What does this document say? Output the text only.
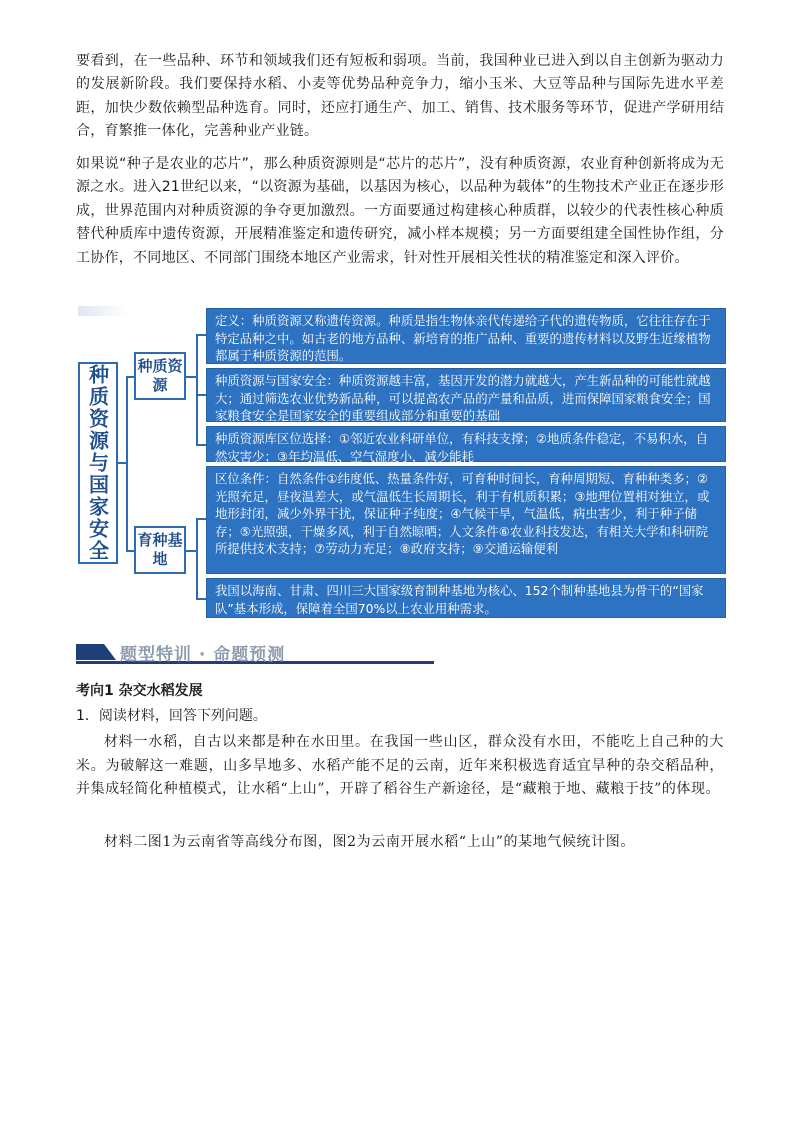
要看到，在一些品种、环节和领域我们还有短板和弱项。当前，我国种业已进入到以自主创新为驱动力的发展新阶段。我们要保持水稻、小麦等优势品种竞争力，缩小玉米、大豆等品种与国际先进水平差距，加快少数依赖型品种选育。同时，还应打通生产、加工、销售、技术服务等环节，促进产学研用结合，育繁推一体化，完善种业产业链。

如果说“种子是农业的芯片”，那么种质资源则是“芯片的芯片”，没有种质资源，农业育种创新将成为无源之水。进入21世纪以来，“以资源为基础，以基因为核心，以品种为载体”的生物技术产业正在逐步形成，世界范围内对种质资源的争夺更加激烈。一方面要通过构建核心种质群，以较少的代表性核心种质替代种质库中遗传资源，开展精准鉴定和遗传研究，减小样本规模；另一方面要组建全国性协作组，分工协作，不同地区、不同部门围绕本地区产业需求，针对性开展相关性状的精准鉴定和深入评价。

种质资源与国家安全 种质资源
育种基地
定义：种质资源又称遗传资源。种质是指生物体亲代传递给子代的遗传物质，它往往存在于特定品种之中。如古老的地方品种、新培育的推广品种、重要的遗传材料以及野生近缘植物都属于种质资源的范围。
种质资源与国家安全：种质资源越丰富，基因开发的潜力就越大，产生新品种的可能性就越大；通过筛选农业优势新品种，可以提高农产品的产量和品质，进而保障国家粮食安全；国家粮食安全是国家安全的重要组成部分和重要的基础
种质资源库区位选择：①邻近农业科研单位，有科技支撑；②地质条件稳定，不易积水，自然灾害少；③年均温低、空气湿度小，减少能耗
区位条件：自然条件①纬度低、热量条件好，可育种时间长，育种周期短、育种种类多；②光照充足，昼夜温差大，或气温低生长周期长，利于有机质积累；③地理位置相对独立，或地形封闭，减少外界干扰，保证种子纯度；④气候干旱，气温低，病虫害少，利于种子储存；⑤光照强，干燥多风，利于自然晾晒；人文条件⑥农业科技发达，有相关大学和科研院所提供技术支持；⑦劳动力充足；⑧政府支持；⑨交通运输便利
我国以海南、甘肃、四川三大国家级育制种基地为核心、152个制种基地县为骨干的“国家队”基本形成，保障着全国70%以上农业用种需求。
题型特训 · 命题预测

考向1 杂交水稻发展

1．阅读材料，回答下列问题。

材料一水稻，自古以来都是种在水田里。在我国一些山区，群众没有水田，不能吃上自己种的大米。为破解这一难题，山多旱地多、水稻产能不足的云南，近年来积极选育适宜旱种的杂交稻品种，并集成轻简化种植模式，让水稻“上山”，开辟了稻谷生产新途径，是“藏粮于地、藏粮于技”的体现。

材料二图1为云南省等高线分布图，图2为云南开展水稻“上山”的某地气候统计图。
